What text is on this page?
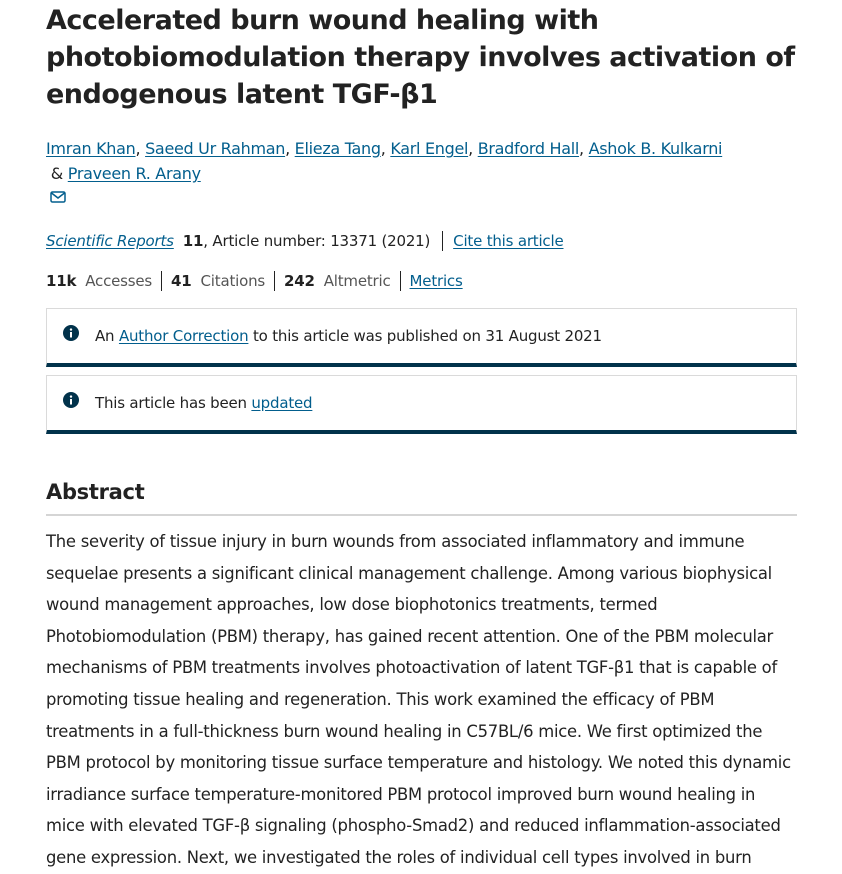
Accelerated burn wound healing with
photobiomodulation therapy involves activation of
endogenous latent TGF-β1
Imran Khan, Saeed Ur Rahman, Elieza Tang, Karl Engel, Bradford Hall, Ashok B. Kulkarni & Praveen R. Arany
Scientific Reports 11 , Article number: 13371 (2021) Cite this article
11k Accesses 41 Citations 242 Altmetric Metrics
An Author Correction to this article was published on 31 August 2021
This article has been updated
Abstract
The severity of tissue injury in burn wounds from associated inflammatory and immune
sequelae presents a significant clinical management challenge. Among various biophysical
wound management approaches, low dose biophotonics treatments, termed
Photobiomodulation (PBM) therapy, has gained recent attention. One of the PBM molecular
mechanisms of PBM treatments involves photoactivation of latent TGF-β1 that is capable of
promoting tissue healing and regeneration. This work examined the efficacy of PBM
treatments in a full-thickness burn wound healing in C57BL/6 mice. We first optimized the
PBM protocol by monitoring tissue surface temperature and histology. We noted this dynamic
irradiance surface temperature-monitored PBM protocol improved burn wound healing in
mice with elevated TGF-β signaling (phospho-Smad2) and reduced inflammation-associated
gene expression. Next, we investigated the roles of individual cell types involved in burn
